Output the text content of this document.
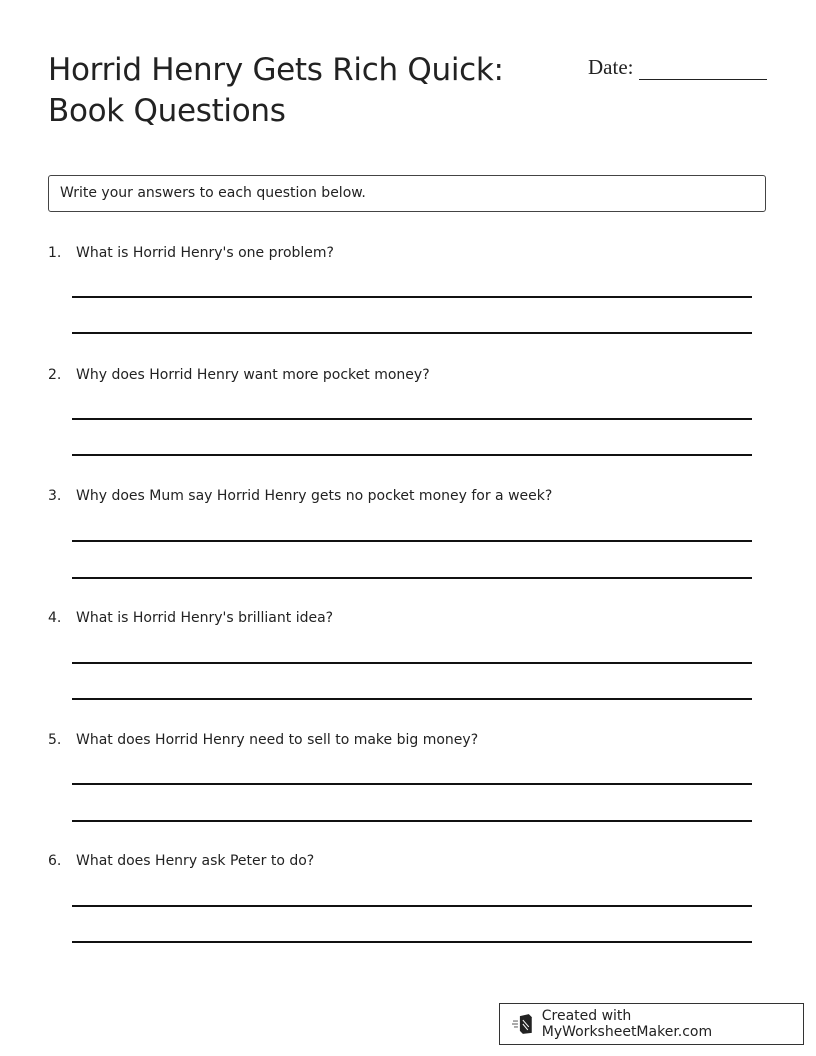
Horrid Henry Gets Rich Quick:
Book Questions
Date:
Write your answers to each question below.
1.	What is Horrid Henry's one problem?
2.	Why does Horrid Henry want more pocket money?
3.	Why does Mum say Horrid Henry gets no pocket money for a week?
4.	What is Horrid Henry's brilliant idea?
5.	What does Horrid Henry need to sell to make big money?
6.	What does Henry ask Peter to do?
Created with MyWorksheetMaker.com
